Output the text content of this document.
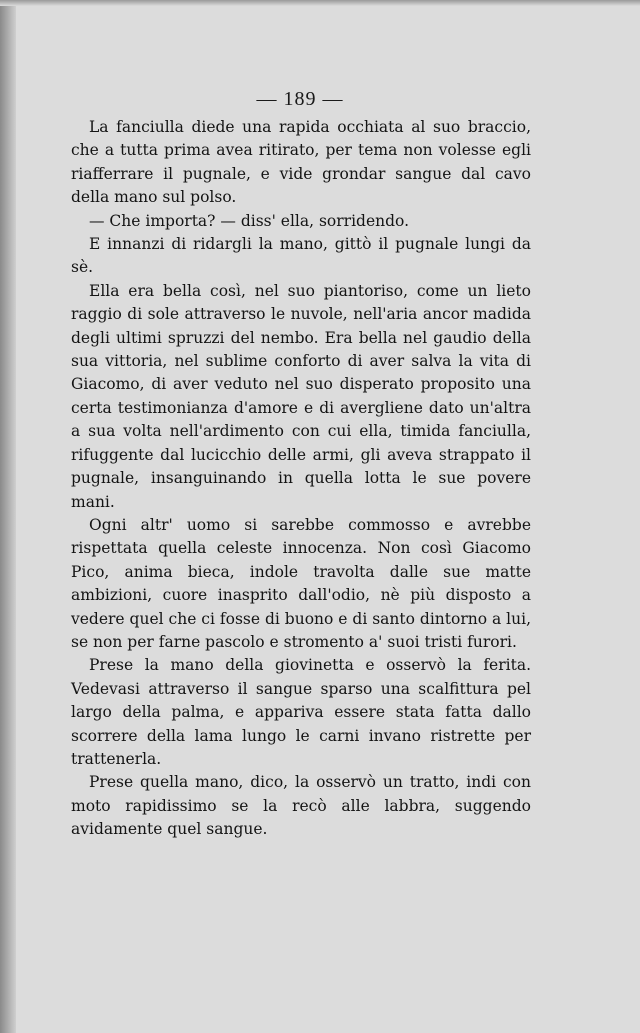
— 189 —

La fanciulla diede una rapida occhiata al suo braccio, che a tutta prima avea ritirato, per tema non volesse egli riafferrare il pugnale, e vide grondar sangue dal cavo della mano sul polso.

— Che importa? — diss' ella, sorridendo.

E innanzi di ridargli la mano, gittò il pugnale lungi da sè.

Ella era bella così, nel suo piantoriso, come un lieto raggio di sole attraverso le nuvole, nell'aria ancor madida degli ultimi spruzzi del nembo. Era bella nel gaudio della sua vittoria, nel sublime conforto di aver salva la vita di Giacomo, di aver veduto nel suo disperato proposito una certa testimonianza d'amore e di avergliene dato un'altra a sua volta nell'ardimento con cui ella, timida fanciulla, rifuggente dal lucicchio delle armi, gli aveva strappato il pugnale, insanguinando in quella lotta le sue povere mani.

Ogni altr' uomo si sarebbe commosso e avrebbe rispettata quella celeste innocenza. Non così Giacomo Pico, anima bieca, indole travolta dalle sue matte ambizioni, cuore inasprito dall'odio, nè più disposto a vedere quel che ci fosse di buono e di santo dintorno a lui, se non per farne pascolo e stromento a' suoi tristi furori.

Prese la mano della giovinetta e osservò la ferita. Vedevasi attraverso il sangue sparso una scalfittura pel largo della palma, e appariva essere stata fatta dallo scorrere della lama lungo le carni invano ristrette per trattenerla.

Prese quella mano, dico, la osservò un tratto, indi con moto rapidissimo se la recò alle labbra, suggendo avidamente quel sangue.
